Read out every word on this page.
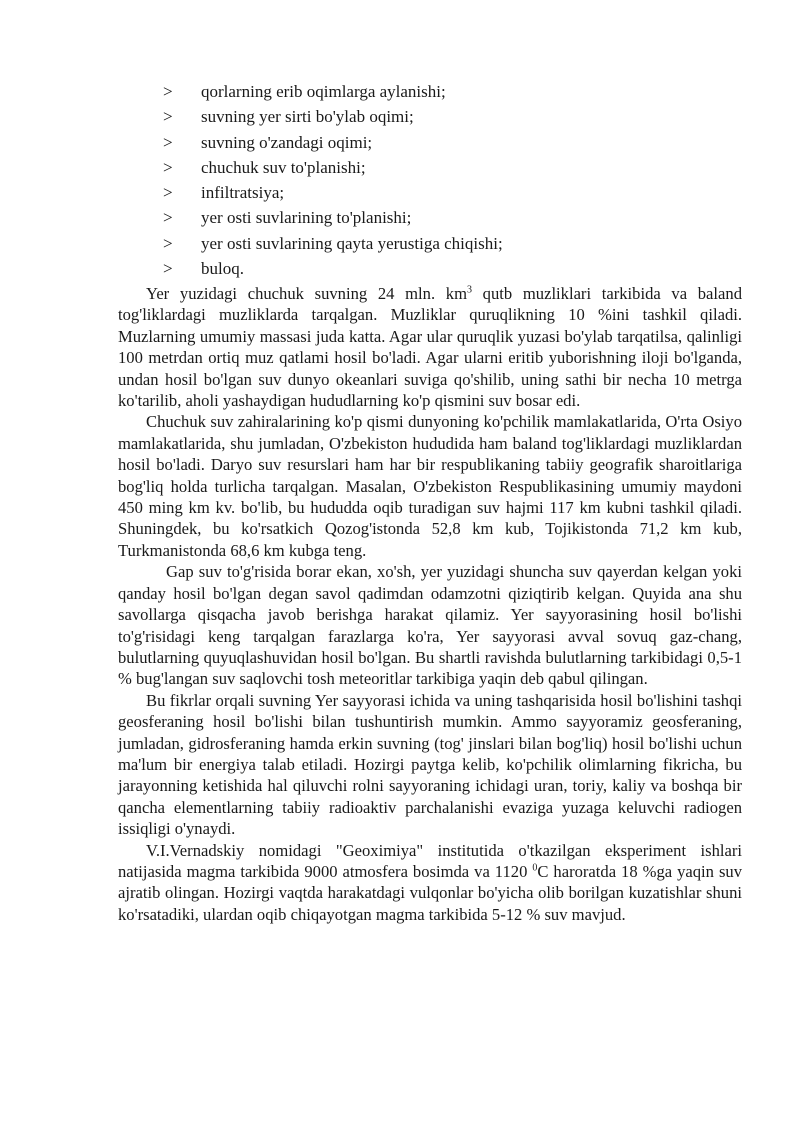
> qorlarning erib oqimlarga aylanishi;
> suvning yer sirti bo'ylab oqimi;
> suvning o'zandagi oqimi;
> chuchuk suv to'planishi;
> infiltratsiya;
> yer osti suvlarining to'planishi;
> yer osti suvlarining qayta yerustiga chiqishi;
> buloq.

Yer yuzidagi chuchuk suvning 24 mln. $km^3$ qutb muzliklari tarkibida va baland tog'liklardagi muzliklarda tarqalgan. Muzliklar quruqlikning 10 %ini tashkil qiladi. Muzlarning umumiy massasi juda katta. Agar ular quruqlik yuzasi bo'ylab tarqatilsa, qalinligi 100 metrdan ortiq muz qatlami hosil bo'ladi. Agar ularni eritib yuborishning iloji bo'lganda, undan hosil bo'lgan suv dunyo okeanlari suviga qo'shilib, uning sathi bir necha 10 metrga ko'tarilib, aholi yashaydigan hududlarning ko'p qismini suv bosar edi.

Chuchuk suv zahiralarining ko'p qismi dunyoning ko'pchilik mamlakatlarida, O'rta Osiyo mamlakatlarida, shu jumladan, O'zbekiston hududida ham baland tog'liklardagi muzliklardan hosil bo'ladi. Daryo suv resurslari ham har bir respublikaning tabiiy geografik sharoitlariga bog'liq holda turlicha tarqalgan. Masalan, O'zbekiston Respublikasining umumiy maydoni 450 ming km kv. bo'lib, bu hududda oqib turadigan suv hajmi 117 km kubni tashkil qiladi. Shuningdek, bu ko'rsatkich Qozog'istonda 52,8 km kub, Tojikistonda 71,2 km kub, Turkmanistonda 68,6 km kubga teng.

Gap suv to'g'risida borar ekan, xo'sh, yer yuzidagi shuncha suv qayerdan kelgan yoki qanday hosil bo'lgan degan savol qadimdan odamzotni qiziqtirib kelgan. Quyida ana shu savollarga qisqacha javob berishga harakat qilamiz. Yer sayyorasining hosil bo'lishi to'g'risidagi keng tarqalgan farazlarga ko'ra, Yer sayyorasi avval sovuq gaz-chang, bulutlarning quyuqlashuvidan hosil bo'lgan. Bu shartli ravishda bulutlarning tarkibidagi 0,5-1 % bug'langan suv saqlovchi tosh meteoritlar tarkibiga yaqin deb qabul qilingan.

Bu fikrlar orqali suvning Yer sayyorasi ichida va uning tashqarisida hosil bo'lishini tashqi geosferaning hosil bo'lishi bilan tushuntirish mumkin. Ammo sayyoramiz geosferaning, jumladan, gidrosferaning hamda erkin suvning (tog' jinslari bilan bog'liq) hosil bo'lishi uchun ma'lum bir energiya talab etiladi. Hozirgi paytga kelib, ko'pchilik olimlarning fikricha, bu jarayonning ketishida hal qiluvchi rolni sayyoraning ichidagi uran, toriy, kaliy va boshqa bir qancha elementlarning tabiiy radioaktiv parchalanishi evaziga yuzaga keluvchi radiogen issiqligi o'ynaydi.

V.I.Vernadskiy nomidagi "Geoximiya" institutida o'tkazilgan eksperiment ishlari natijasida magma tarkibida 9000 atmosfera bosimda va 1120 $^0$C haroratda 18 %ga yaqin suv ajratib olingan. Hozirgi vaqtda harakatdagi vulqonlar bo'yicha olib borilgan kuzatishlar shuni ko'rsatadiki, ulardan oqib chiqayotgan magma tarkibida 5-12 % suv mavjud.
